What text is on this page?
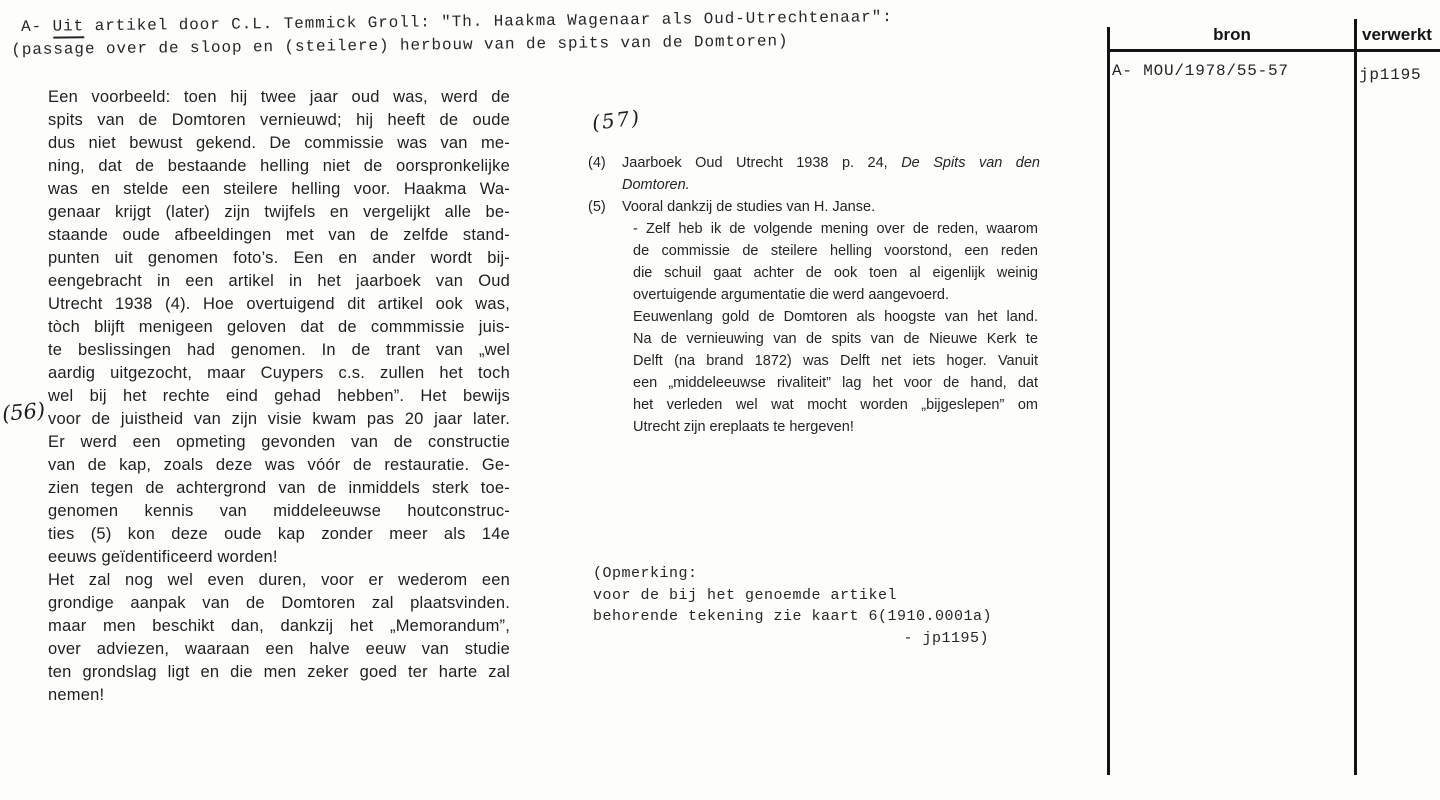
A- Uit artikel door C.L. Temmick Groll: "Th. Haakma Wagenaar als Oud-Utrechtenaar":
(passage over de sloop en (steilere) herbouw van de spits van de Domtoren)
(56)
(57)
Een voorbeeld: toen hij twee jaar oud was, werd de
spits van de Domtoren vernieuwd; hij heeft de oude
dus niet bewust gekend. De commissie was van me-
ning, dat de bestaande helling niet de oorspronkelijke
was en stelde een steilere helling voor. Haakma Wa-
genaar krijgt (later) zijn twijfels en vergelijkt alle be-
staande oude afbeeldingen met van de zelfde stand-
punten uit genomen foto’s. Een en ander wordt bij-
eengebracht in een artikel in het jaarboek van Oud
Utrecht 1938 (4). Hoe overtuigend dit artikel ook was,
tòch blijft menigeen geloven dat de commmissie juis-
te beslissingen had genomen. In de trant van „wel
aardig uitgezocht, maar Cuypers c.s. zullen het toch
wel bij het rechte eind gehad hebben”. Het bewijs
voor de juistheid van zijn visie kwam pas 20 jaar later.
Er werd een opmeting gevonden van de constructie
van de kap, zoals deze was vóór de restauratie. Ge-
zien tegen de achtergrond van de inmiddels sterk toe-
genomen kennis van middeleeuwse houtconstruc-
ties (5) kon deze oude kap zonder meer als 14e
eeuws geïdentificeerd worden!
Het zal nog wel even duren, voor er wederom een
grondige aanpak van de Domtoren zal plaatsvinden.
maar men beschikt dan, dankzij het „Memorandum”,
over adviezen, waaraan een halve eeuw van studie
ten grondslag ligt en die men zeker goed ter harte zal
nemen!
(4)	Jaarboek Oud Utrecht 1938 p. 24, De Spits van den
Domtoren.
(5)	Vooral dankzij de studies van H. Janse.
- Zelf heb ik de volgende mening over de reden, waarom
de commissie de steilere helling voorstond, een reden
die schuil gaat achter de ook toen al eigenlijk weinig
overtuigende argumentatie die werd aangevoerd.
Eeuwenlang gold de Domtoren als hoogste van het land.
Na de vernieuwing van de spits van de Nieuwe Kerk te
Delft (na brand 1872) was Delft net iets hoger. Vanuit
een „middeleeuwse rivaliteit” lag het voor de hand, dat
het verleden wel wat mocht worden „bijgeslepen” om
Utrecht zijn ereplaats te hergeven!
(Opmerking:
voor de bij het genoemde artikel
behorende tekening zie kaart 6(1910.0001a)
- jp1195)
bron	verwerkt
A- MOU/1978/55-57	jp1195
